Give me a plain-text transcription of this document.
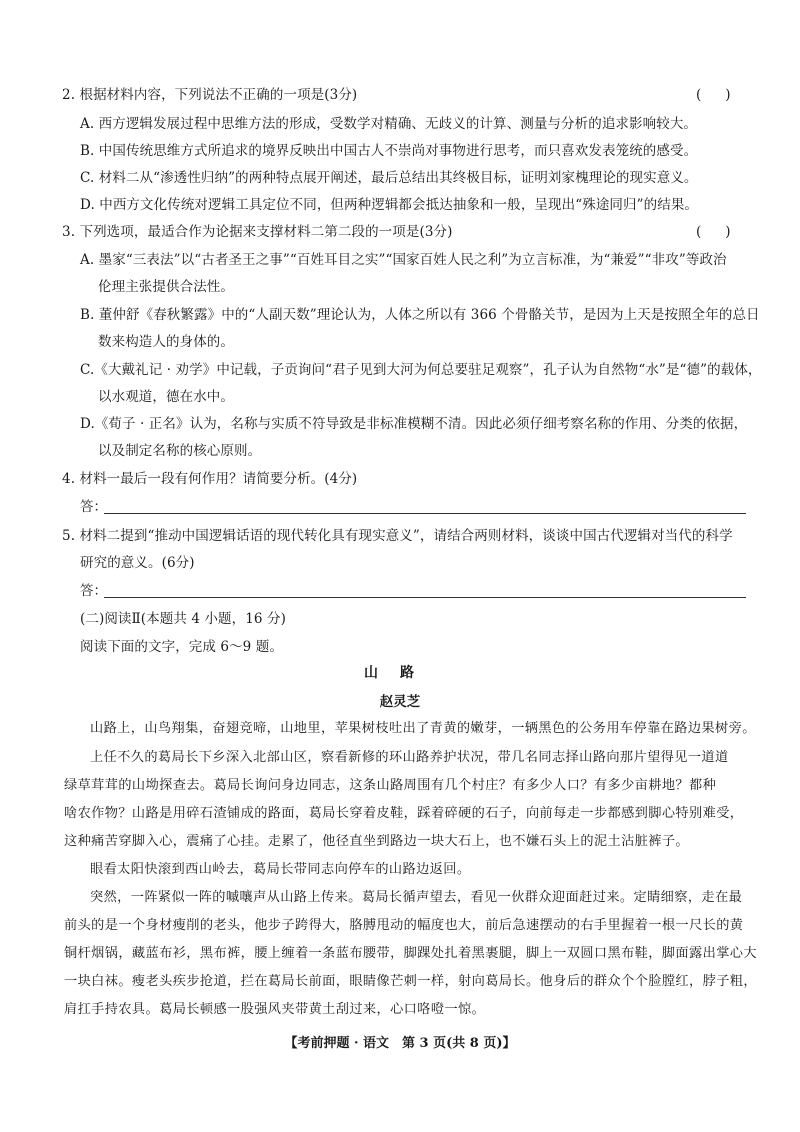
2. 根据材料内容，下列说法不正确的一项是(3分)	()
A. 西方逻辑发展过程中思维方法的形成，受数学对精确、无歧义的计算、测量与分析的追求影响较大。
B. 中国传统思维方式所追求的境界反映出中国古人不崇尚对事物进行思考，而只喜欢发表笼统的感受。
C. 材料二从“渗透性归纳”的两种特点展开阐述，最后总结出其终极目标，证明刘家槐理论的现实意义。
D. 中西方文化传统对逻辑工具定位不同，但两种逻辑都会抵达抽象和一般，呈现出“殊途同归”的结果。
3. 下列选项，最适合作为论据来支撑材料二第二段的一项是(3分)	()
A. 墨家“三表法”以“古者圣王之事”“百姓耳目之实”“国家百姓人民之利”为立言标准，为“兼爱”“非攻”等政治
伦理主张提供合法性。
B. 董仲舒《春秋繁露》中的“人副天数”理论认为，人体之所以有 366 个骨骼关节，是因为上天是按照全年的总日
数来构造人的身体的。
C.《大戴礼记 · 劝学》中记载，子贡询问“君子见到大河为何总要驻足观察”，孔子认为自然物“水”是“德”的载体，
以水观道，德在水中。
D.《荀子 · 正名》认为，名称与实质不符导致是非标准模糊不清。因此必须仔细考察名称的作用、分类的依据，
以及制定名称的核心原则。
4. 材料一最后一段有何作用？请简要分析。(4分)
答：
5. 材料二提到“推动中国逻辑话语的现代转化具有现实意义”，请结合两则材料，谈谈中国古代逻辑对当代的科学
研究的意义。(6分)
答：
(二)阅读Ⅱ(本题共 4 小题，16 分)
阅读下面的文字，完成 6～9 题。
山路
赵灵芝
山路上，山鸟翔集，奋翅竞啼，山地里，苹果树枝吐出了青黄的嫩芽，一辆黑色的公务用车停靠在路边果树旁。
上任不久的葛局长下乡深入北部山区，察看新修的环山路养护状况，带几名同志择山路向那片望得见一道道
绿草茸茸的山坳探查去。葛局长询问身边同志，这条山路周围有几个村庄？有多少人口？有多少亩耕地？都种
啥农作物？山路是用碎石渣铺成的路面，葛局长穿着皮鞋，踩着碎硬的石子，向前每走一步都感到脚心特别难受，
这种痛苦穿脚入心，震痛了心挂。走累了，他径直坐到路边一块大石上，也不嫌石头上的泥土沾脏裤子。
眼看太阳快滚到西山岭去，葛局长带同志向停车的山路边返回。
突然，一阵紧似一阵的嘁嚷声从山路上传来。葛局长循声望去，看见一伙群众迎面赶过来。定睛细察，走在最
前头的是一个身材瘦削的老头，他步子跨得大，胳膊甩动的幅度也大，前后急速摆动的右手里握着一根一尺长的黄
铜杆烟锅，藏蓝布衫，黑布裤，腰上缠着一条蓝布腰带，脚踝处扎着黑裹腿，脚上一双圆口黑布鞋，脚面露出掌心大
一块白袜。瘦老头疾步抢道，拦在葛局长前面，眼睛像芒刺一样，射向葛局长。他身后的群众个个脸膛红，脖子粗，
肩扛手持农具。葛局长顿感一股强风夹带黄土刮过来，心口咯噔一惊。
【考前押题 · 语文　第 3 页(共 8 页)】
